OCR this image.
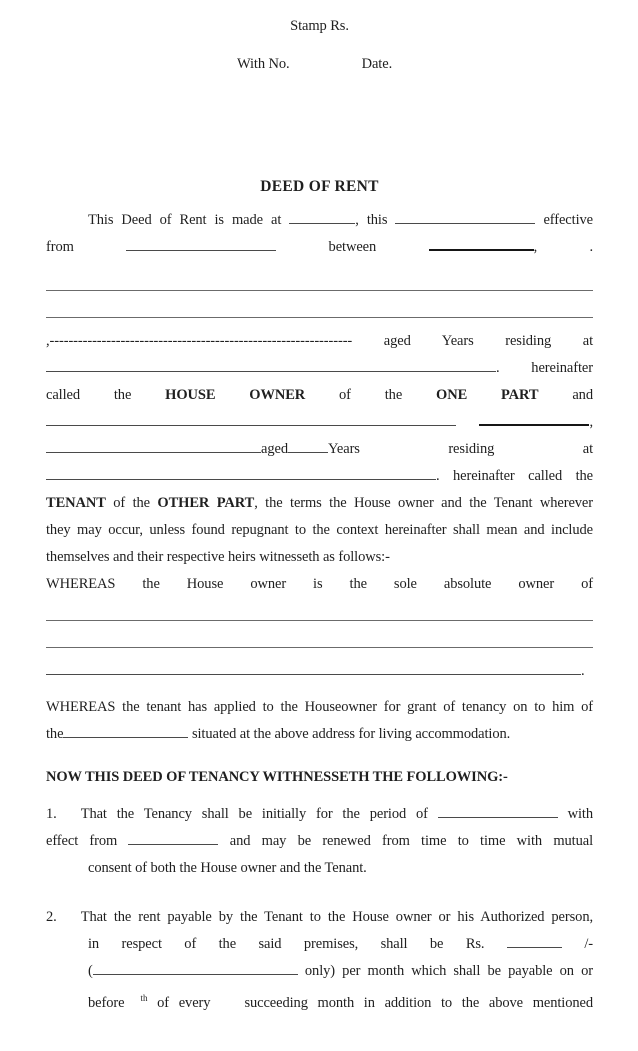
Stamp Rs.
With No.	Date.
DEED OF RENT
This Deed of Rent is made at	, this	effective
from	between	, .
,---------------------------------------------------------------- aged Years residing at
. hereinafter
called the HOUSE OWNER of the ONE PART and
,
aged	Years residing at
. hereinafter called the
TENANT of the OTHER PART, the terms the House owner and the Tenant wherever
they may occur, unless found repugnant to the context hereinafter shall mean and include
themselves and their respective heirs witnesseth as follows:-
WHEREAS the House owner is the sole absolute owner of
.
WHEREAS the tenant has applied to the Houseowner for grant of tenancy on to him of
the	situated at the above address for living accommodation.
NOW THIS DEED OF TENANCY WITHNESSETH THE FOLLOWING:-
1. That the Tenancy shall be initially for the period of	with
effect from	and may be renewed from time to time with mutual
consent of both the House owner and the Tenant.
2. That the rent payable by the Tenant to the House owner or his Authorized person,
in respect of the said premises, shall be Rs.	/-
(	only) per month which shall be payable on or
before $^{th}$ of every succeeding month in addition to the above mentioned
